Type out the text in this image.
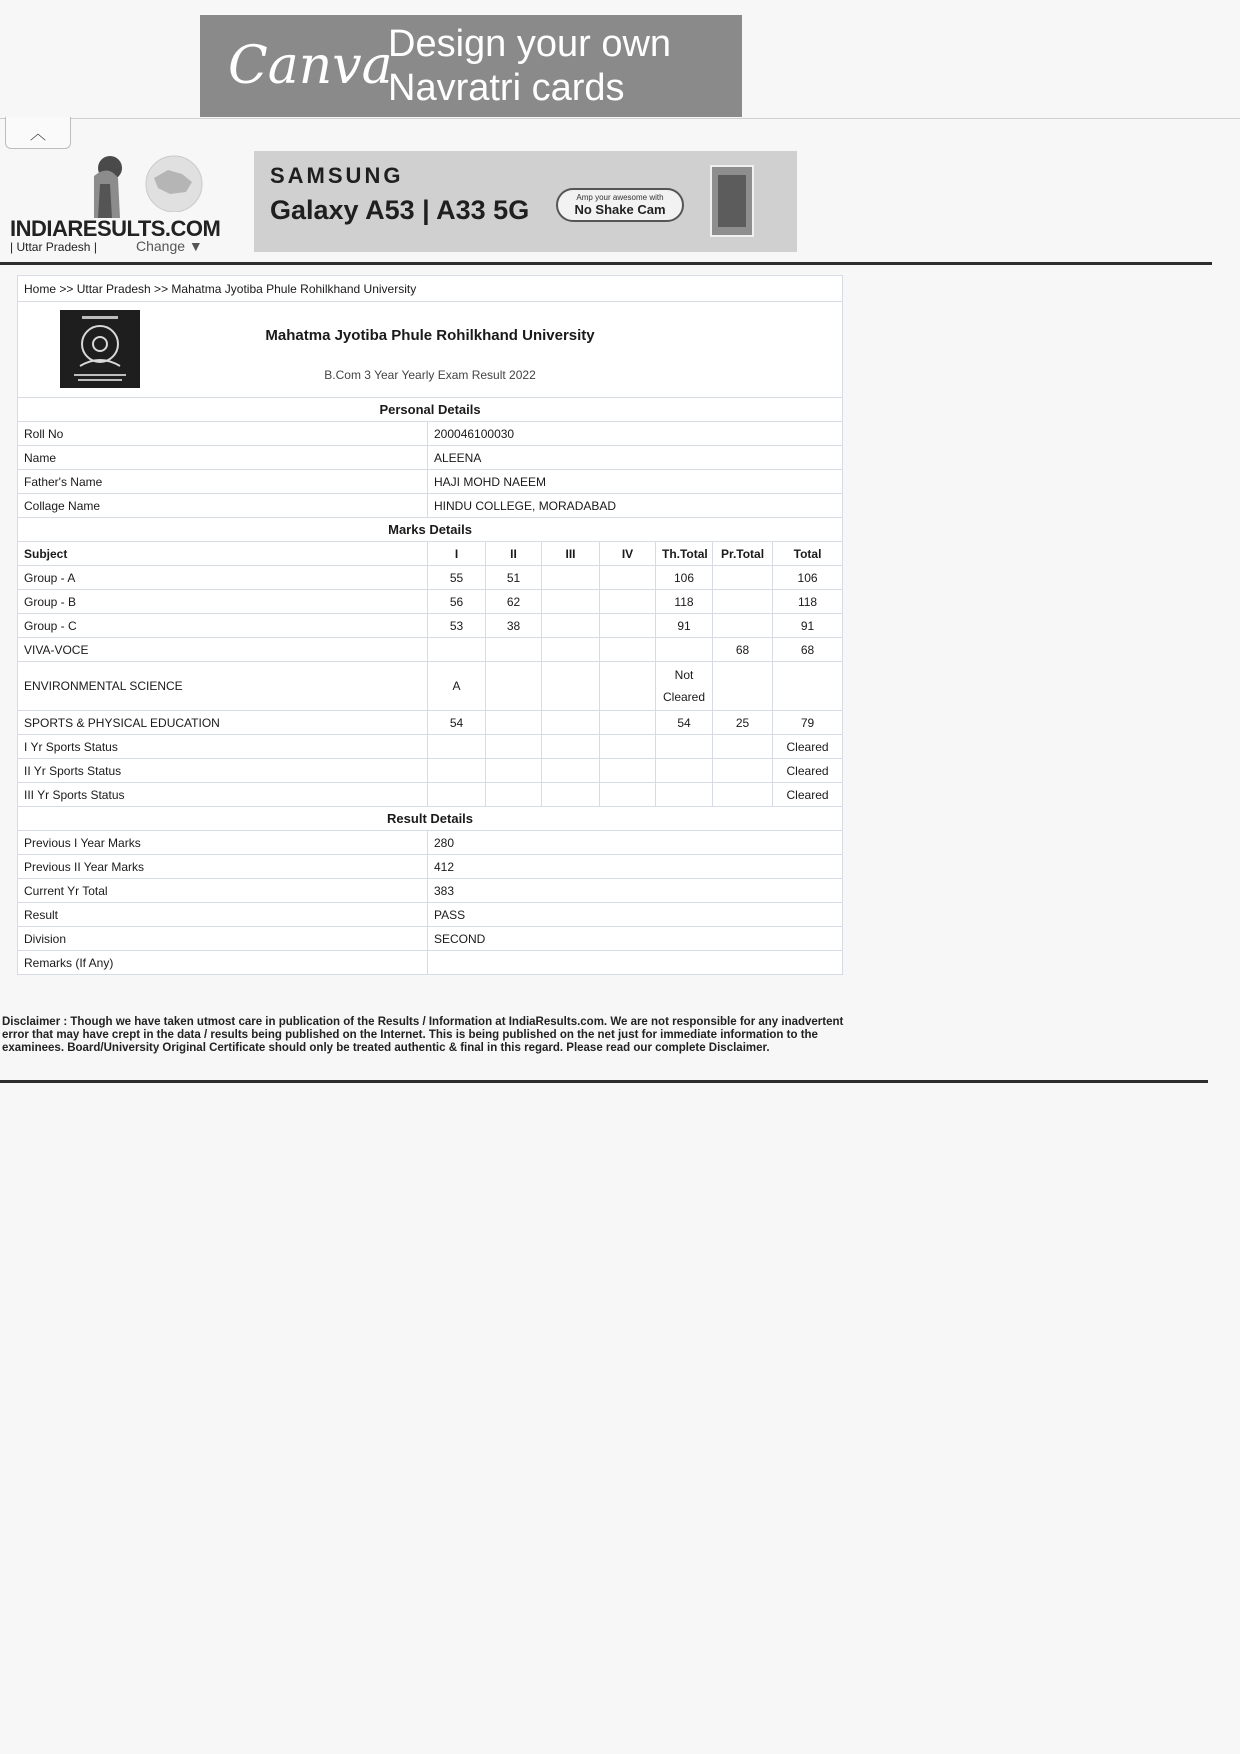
Canva
Design your own
Navratri cards
︿
INDIARESULTS.COM
| Uttar Pradesh |	Change ▼
SAMSUNG
Galaxy A53 | A33 5G	Amp your awesome with
No Shake Cam
Home >> Uttar Pradesh >> Mahatma Jyotiba Phule Rohilkhand University							

Mahatma Jyotiba Phule Rohilkhand University
B.Com 3 Year Yearly Exam Result 2022							

Personal Details							
Roll No	200046100030						
Name	ALEENA						
Father's Name	HAJI MOHD NAEEM						
Collage Name	HINDU COLLEGE, MORADABAD						
Marks Details							
Subject	I	II	III	IV	Th.Total	Pr.Total	Total
Group - A	55	51			106		106
Group - B	56	62			118		118
Group - C	53	38			91		91
VIVA-VOCE						68	68
ENVIRONMENTAL SCIENCE	A				Not Cleared		
SPORTS & PHYSICAL EDUCATION	54				54	25	79
I Yr Sports Status							Cleared
II Yr Sports Status							Cleared
III Yr Sports Status							Cleared
Result Details							
Previous I Year Marks	280						
Previous II Year Marks	412						
Current Yr Total	383						
Result	PASS						
Division	SECOND						
Remarks (If Any)							
Disclaimer : Though we have taken utmost care in publication of the Results / Information at IndiaResults.com. We are not responsible for any inadvertent error that may have crept in the data / results being published on the Internet. This is being published on the net just for immediate information to the examinees. Board/University Original Certificate should only be treated authentic & final in this regard. Please read our complete Disclaimer.
